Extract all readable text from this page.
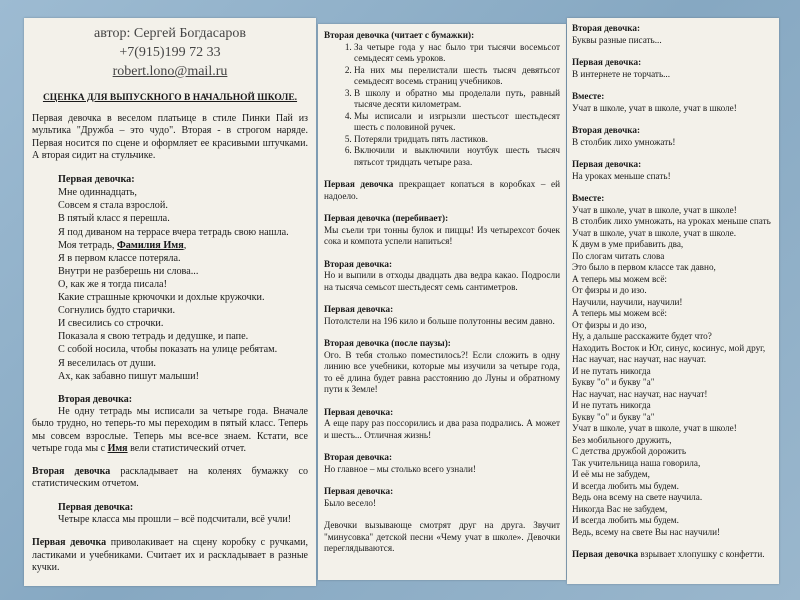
автор: Сергей Богдасаров

+7(915)199 72 33

robert.lono@mail.ru

СЦЕНКА ДЛЯ ВЫПУСКНОГО В НАЧАЛЬНОЙ ШКОЛЕ.

Первая девочка в веселом платьице в стиле Пинки Пай из мультика "Дружба – это чудо". Вторая - в строгом наряде. Первая носится по сцене и оформляет ее красивыми штучками. А вторая сидит на стульчике.

Первая девочка:

Мне одиннадцать,

Совсем я стала взрослой.

В пятый класс я перешла.

Я под диваном на террасе вчера тетрадь свою нашла.

Моя тетрадь, Фамилия Имя,

Я в первом классе потеряла.

Внутри не разберешь ни слова...

О, как же я тогда писала!

Какие страшные крючочки и дохлые кружочки.

Согнулись будто старички.

И свесились со строчки.

Показала я свою тетрадь и дедушке, и папе.

С собой носила, чтобы показать на улице ребятам.

Я веселилась от души.

Ах, как забавно пишут малыши!

Вторая девочка:

Не одну тетрадь мы исписали за четыре года. Вначале было трудно, но теперь-то мы переходим в пятый класс. Теперь мы совсем взрослые. Теперь мы все-все знаем. Кстати, все четыре года мы с Имя вели статистический отчет.

Вторая девочка раскладывает на коленях бумажку со статистическим отчетом.

Первая девочка:

Четыре класса мы прошли – всё подсчитали, всё учли!

Первая девочка приволакивает на сцену коробку с ручками, ластиками и учебниками. Считает их и раскладывает в разные кучки.

Вторая девочка (читает с бумажки):

1. За четыре года у нас было три тысячи восемьсот семьдесят семь уроков.
2. На них мы перелистали шесть тысяч девятьсот семьдесят восемь страниц учебников.
3. В школу и обратно мы проделали путь, равный тысяче десяти километрам.
4. Мы исписали и изгрызли шестьсот шестьдесят шесть с половиной ручек.
5. Потеряли тридцать пять ластиков.
6. Включили и выключили ноутбук шесть тысяч пятьсот тридцать четыре раза.

Первая девочка прекращает копаться в коробках – ей надоело.

Первая девочка (перебивает):

Мы съели три тонны булок и пиццы! Из четырехсот бочек сока и компота успели напиться!

Вторая девочка:

Но и выпили в отходы двадцать два ведра какао. Подросли на тысяча семьсот шестьдесят семь сантиметров.

Первая девочка:

Потолстели на 196 кило и больше полутонны весим давно.

Вторая девочка (после паузы):

Ого. В тебя столько поместилось?! Если сложить в одну линию все учебники, которые мы изучили за четыре года, то её длина будет равна расстоянию до Луны и обратному пути к Земле!

Первая девочка:

А еще пару раз поссорились и два раза подрались. А может и шесть... Отличная жизнь!

Вторая девочка:

Но главное – мы столько всего узнали!

Первая девочка:

Было весело!

Девочки вызывающе смотрят друг на друга. Звучит "минусовка" детской песни «Чему учат в школе». Девочки переглядываются.

Вторая девочка:

Буквы разные писать...

Первая девочка:

В интернете не торчать...

Вместе:

Учат в школе, учат в школе, учат в школе!

Вторая девочка:

В столбик лихо умножать!

Первая девочка:

На уроках меньше спать!

Вместе:

Учат в школе, учат в школе, учат в школе!

В столбик лихо умножать, на уроках меньше спать

Учат в школе, учат в школе, учат в школе.

К двум в уме прибавить два,

По слогам читать слова

Это было в первом классе так давно,

А теперь мы можем всё:

От физры и до изо.

Научили, научили, научили!

А теперь мы можем всё:

От физры и до изо,

Ну, а дальше расскажите будет что?

Находить Восток и Юг, синус, косинус, мой друг,

Нас научат, нас научат, нас научат.

И не путать никогда

Букву "о" и букву "а"

Нас научат, нас научат, нас научат!

И не путать никогда

Букву "о" и букву "а"

Учат в школе, учат в школе, учат в школе!

Без мобильного дружить,

С детства дружбой дорожить

Так учительница наша говорила,

И её мы не забудем,

И всегда любить мы будем.

Ведь она всему на свете научила.

Никогда Вас не забудем,

И всегда любить мы будем.

Ведь, всему на свете Вы нас научили!

Первая девочка взрывает хлопушку с конфетти.
